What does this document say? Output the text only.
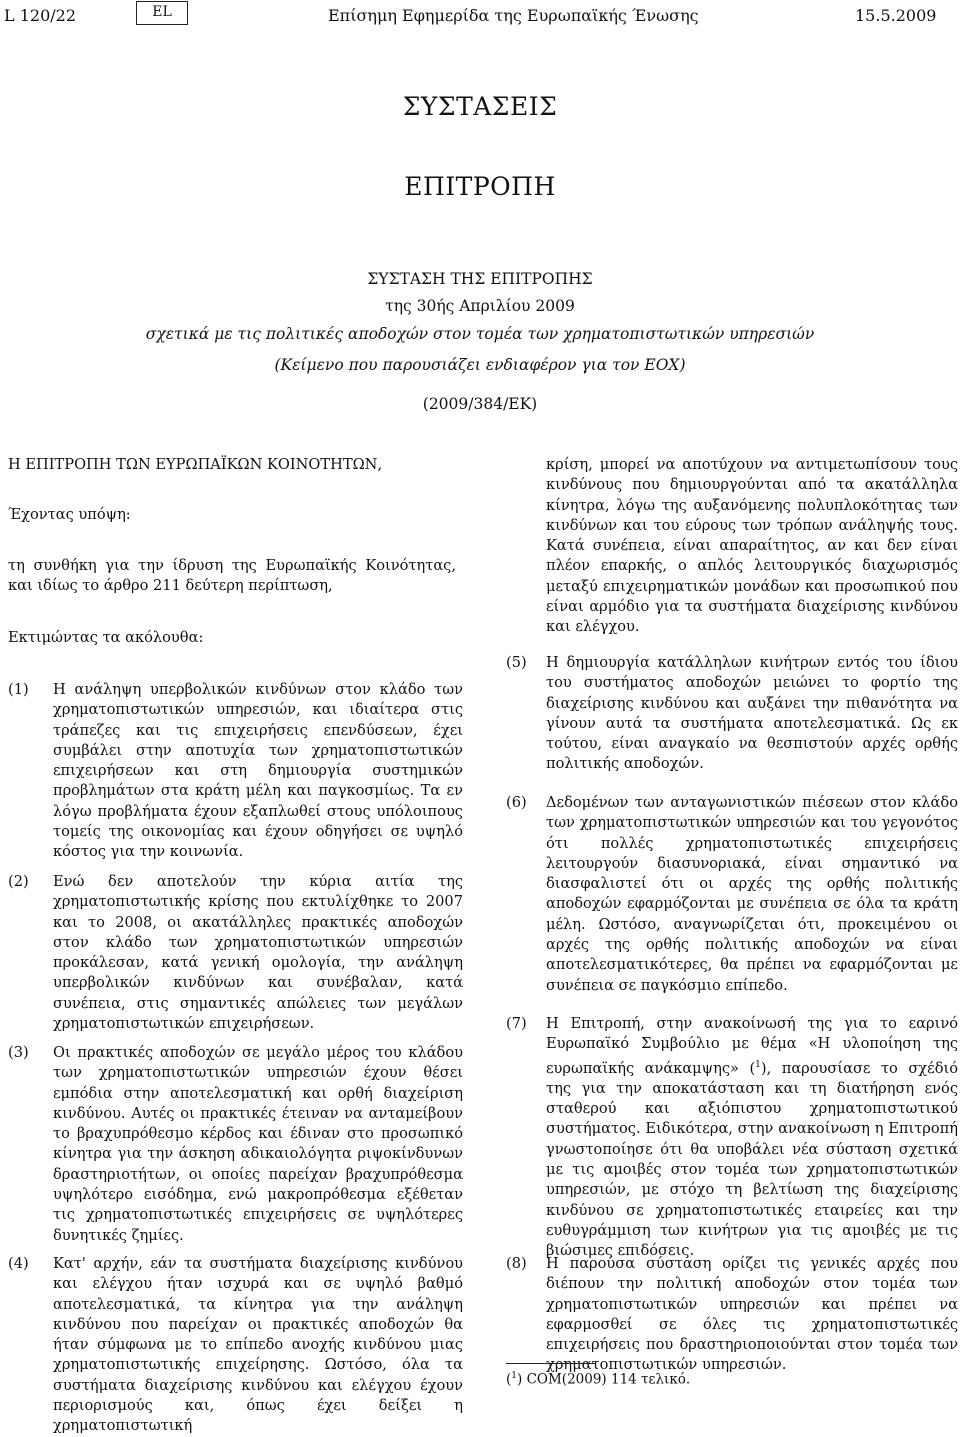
L 120/22	EL	Επίσημη Εφημερίδα της Ευρωπαϊκής Ένωσης	15.5.2009
ΣΥΣΤΑΣΕΙΣ
ΕΠΙΤΡΟΠΗ
ΣΥΣΤΑΣΗ ΤΗΣ ΕΠΙΤΡΟΠΗΣ
της 30ής Απριλίου 2009
σχετικά με τις πολιτικές αποδοχών στον τομέα των χρηματοπιστωτικών υπηρεσιών
(Κείμενο που παρουσιάζει ενδιαφέρον για τον ΕΟΧ)
(2009/384/ΕΚ)
Η ΕΠΙΤΡΟΠΗ ΤΩΝ ΕΥΡΩΠΑΪΚΩΝ ΚΟΙΝΟΤΗΤΩΝ,
Έχοντας υπόψη:

τη συνθήκη για την ίδρυση της Ευρωπαϊκής Κοινότητας, και ιδίως το άρθρο 211 δεύτερη περίπτωση,

Εκτιμώντας τα ακόλουθα:
(1) Η ανάληψη υπερβολικών κινδύνων στον κλάδο των χρηματοπιστωτικών υπηρεσιών, και ιδιαίτερα στις τράπεζες και τις επιχειρήσεις επενδύσεων, έχει συμβάλει στην αποτυχία των χρηματοπιστωτικών επιχειρήσεων και στη δημιουργία συστημικών προβλημάτων στα κράτη μέλη και παγκοσμίως. Τα εν λόγω προβλήματα έχουν εξαπλωθεί στους υπόλοιπους τομείς της οικονομίας και έχουν οδηγήσει σε υψηλό κόστος για την κοινωνία.

(2) Ενώ δεν αποτελούν την κύρια αιτία της χρηματοπιστωτικής κρίσης που εκτυλίχθηκε το 2007 και το 2008, οι ακατάλληλες πρακτικές αποδοχών στον κλάδο των χρηματοπιστωτικών υπηρεσιών προκάλεσαν, κατά γενική ομολογία, την ανάληψη υπερβολικών κινδύνων και συνέβαλαν, κατά συνέπεια, στις σημαντικές απώλειες των μεγάλων χρηματοπιστωτικών επιχειρήσεων.

(3) Οι πρακτικές αποδοχών σε μεγάλο μέρος του κλάδου των χρηματοπιστωτικών υπηρεσιών έχουν θέσει εμπόδια στην αποτελεσματική και ορθή διαχείριση κινδύνου. Αυτές οι πρακτικές έτειναν να ανταμείβουν το βραχυπρόθεσμο κέρδος και έδιναν στο προσωπικό κίνητρα για την άσκηση αδικαιολόγητα ριψοκίνδυνων δραστηριοτήτων, οι οποίες παρείχαν βραχυπρόθεσμα υψηλότερο εισόδημα, ενώ μακροπρόθεσμα εξέθεταν τις χρηματοπιστωτικές επιχειρήσεις σε υψηλότερες δυνητικές ζημίες.

(4) Κατ' αρχήν, εάν τα συστήματα διαχείρισης κινδύνου και ελέγχου ήταν ισχυρά και σε υψηλό βαθμό αποτελεσματικά, τα κίνητρα για την ανάληψη κινδύνου που παρείχαν οι πρακτικές αποδοχών θα ήταν σύμφωνα με το επίπεδο ανοχής κινδύνου μιας χρηματοπιστωτικής επιχείρησης. Ωστόσο, όλα τα συστήματα διαχείρισης κινδύνου και ελέγχου έχουν περιορισμούς και, όπως έχει δείξει η χρηματοπιστωτική

κρίση, μπορεί να αποτύχουν να αντιμετωπίσουν τους κινδύνους που δημιουργούνται από τα ακατάλληλα κίνητρα, λόγω της αυξανόμενης πολυπλοκότητας των κινδύνων και του εύρους των τρόπων ανάληψής τους. Κατά συνέπεια, είναι απαραίτητος, αν και δεν είναι πλέον επαρκής, ο απλός λειτουργικός διαχωρισμός μεταξύ επιχειρηματικών μονάδων και προσωπικού που είναι αρμόδιο για τα συστήματα διαχείρισης κινδύνου και ελέγχου.

(5) Η δημιουργία κατάλληλων κινήτρων εντός του ίδιου του συστήματος αποδοχών μειώνει το φορτίο της διαχείρισης κινδύνου και αυξάνει την πιθανότητα να γίνουν αυτά τα συστήματα αποτελεσματικά. Ως εκ τούτου, είναι αναγκαίο να θεσπιστούν αρχές ορθής πολιτικής αποδοχών.

(6) Δεδομένων των ανταγωνιστικών πιέσεων στον κλάδο των χρηματοπιστωτικών υπηρεσιών και του γεγονότος ότι πολλές χρηματοπιστωτικές επιχειρήσεις λειτουργούν διασυνοριακά, είναι σημαντικό να διασφαλιστεί ότι οι αρχές της ορθής πολιτικής αποδοχών εφαρμόζονται με συνέπεια σε όλα τα κράτη μέλη. Ωστόσο, αναγνωρίζεται ότι, προκειμένου οι αρχές της ορθής πολιτικής αποδοχών να είναι αποτελεσματικότερες, θα πρέπει να εφαρμόζονται με συνέπεια σε παγκόσμιο επίπεδο.

(7) Η Επιτροπή, στην ανακοίνωσή της για το εαρινό Ευρωπαϊκό Συμβούλιο με θέμα «Η υλοποίηση της ευρωπαϊκής ανάκαμψης» ($^1$), παρουσίασε το σχέδιό της για την αποκατάσταση και τη διατήρηση ενός σταθερού και αξιόπιστου χρηματοπιστωτικού συστήματος. Ειδικότερα, στην ανακοίνωση η Επιτροπή γνωστοποίησε ότι θα υποβάλει νέα σύσταση σχετικά με τις αμοιβές στον τομέα των χρηματοπιστωτικών υπηρεσιών, με στόχο τη βελτίωση της διαχείρισης κινδύνου σε χρηματοπιστωτικές εταιρείες και την ευθυγράμμιση των κινήτρων για τις αμοιβές με τις βιώσιμες επιδόσεις.

(8) Η παρούσα σύσταση ορίζει τις γενικές αρχές που διέπουν την πολιτική αποδοχών στον τομέα των χρηματοπιστωτικών υπηρεσιών και πρέπει να εφαρμοσθεί σε όλες τις χρηματοπιστωτικές επιχειρήσεις που δραστηριοποιούνται στον τομέα των χρηματοπιστωτικών υπηρεσιών.

($^1$) COM(2009) 114 τελικό.
